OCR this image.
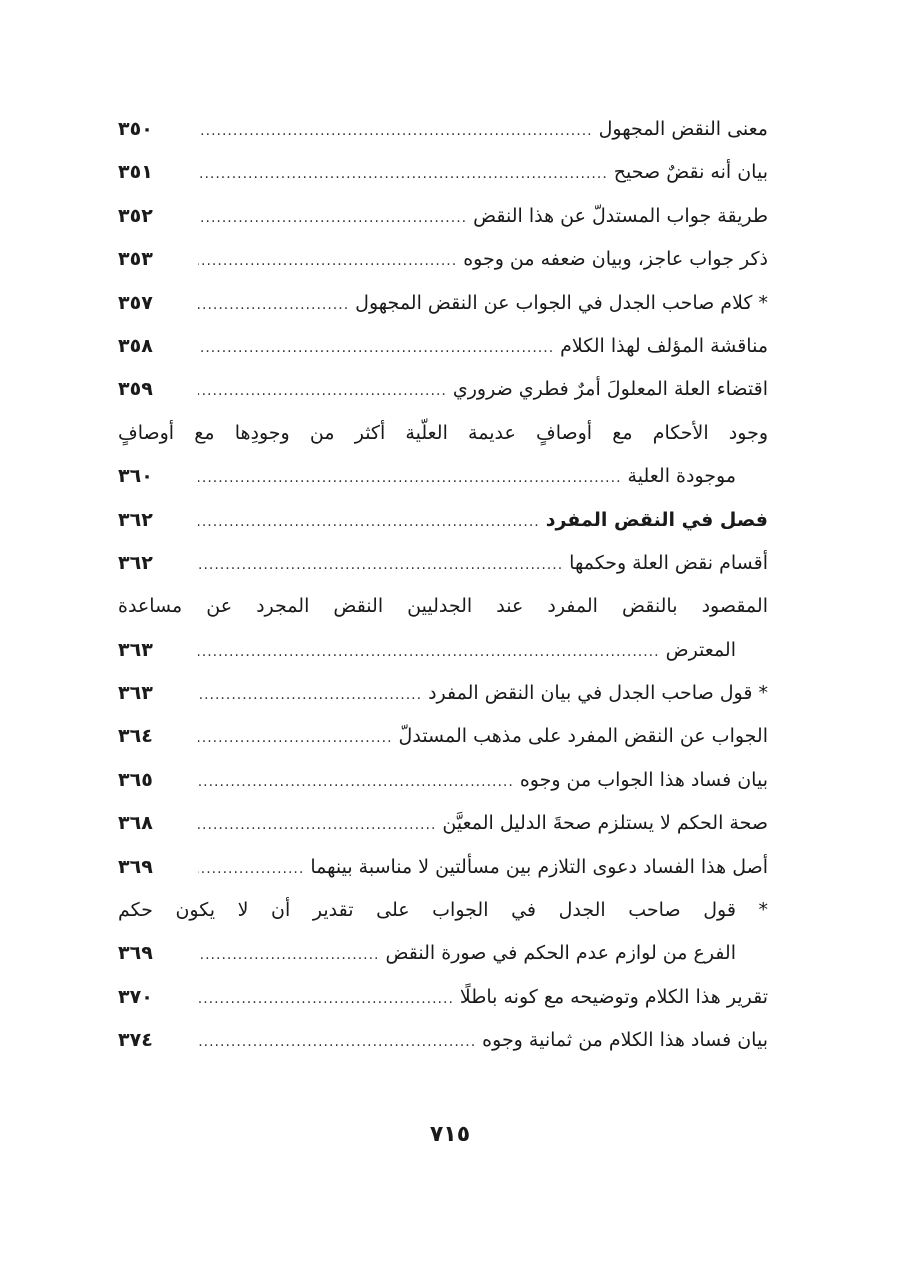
معنى النقض المجهول
.....
٣٥٠
بيان أنه نقضٌ صحيح
.....
٣٥١
طريقة جواب المستدلّ عن هذا النقض
.....
٣٥٢
ذكر جواب عاجز، وبيان ضعفه من وجوه
.....
٣٥٣
* كلام صاحب الجدل في الجواب عن النقض المجهول
.....
٣٥٧
مناقشة المؤلف لهذا الكلام
.....
٣٥٨
اقتضاء العلة المعلولَ أمرٌ فطري ضروري
.....
٣٥٩
وجود الأحكام مع أوصافٍ عديمة العلّية أكثر من وجودِها مع أوصافٍ
موجودة العلية
.....
٣٦٠
فصل في النقض المفرد
.....
٣٦٢
أقسام نقض العلة وحكمها
.....
٣٦٢
المقصود بالنقض المفرد عند الجدليين النقض المجرد عن مساعدة
المعترض
.....
٣٦٣
* قول صاحب الجدل في بيان النقض المفرد
.....
٣٦٣
الجواب عن النقض المفرد على مذهب المستدلّ
.....
٣٦٤
بيان فساد هذا الجواب من وجوه
.....
٣٦٥
صحة الحكم لا يستلزم صحةَ الدليل المعيَّن
.....
٣٦٨
أصل هذا الفساد دعوى التلازم بين مسألتين لا مناسبة بينهما
.....
٣٦٩
* قول صاحب الجدل في الجواب على تقدير أن لا يكون حكم
الفرع من لوازم عدم الحكم في صورة النقض
.....
٣٦٩
تقرير هذا الكلام وتوضيحه مع كونه باطلًا
.....
٣٧٠
بيان فساد هذا الكلام من ثمانية وجوه
.....
٣٧٤
٧١٥
